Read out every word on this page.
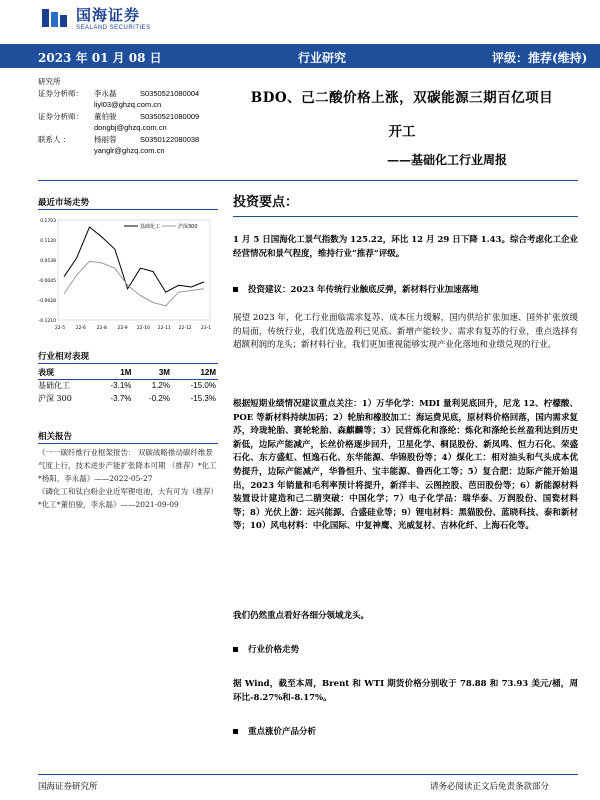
国海证券
SEALAND SECURITIES
2023 年 01 月 08 日	行业研究	评级：推荐(维持)
研究所
证券分析师： 李永磊	S0350521080004
liyl03@ghzq.com.cn
证券分析师： 董伯骏	S0350521080009
dongbj@ghzq.com.cn
联系人 ：	杨丽蓉	S0350122080038
yanglr@ghzq.com.cn
BDO、己二酸价格上涨，双碳能源三期百亿项目
开工
——基础化工行业周报
最近市场走势
0.1703
0.1120
0.0538
-0.0045
-0.0628
-0.1210
22-5 22-6 22-8 22-9 22-10 22-11 22-12 23-1
基础化工	沪深300
行业相对表现
表现	1M	3M	12M
基础化工	-3.1%	1.2%	-15.0%
沪深 300	-3.7%	-0.2%	-15.3%
相关报告

《一一碳纤维行业框架报告： 双碳战略推动碳纤维景气度上行，技术进步产能扩张降本可期 （推荐）*化工*杨阳，李永磊》——2022-05-27

《磷化工和钛白粉企业近军锂电池，大有可为（推荐）*化工*董伯骏，李永磊》——2021-09-09

投资要点：

1 月 5 日国海化工景气指数为 125.22，环比 12 月 29 日下降 1.43。综合考虑化工企业经营情况和景气程度，维持行业“推荐”评级。

投资建议：2023 年传统行业触底反弹，新材料行业加速落地

展望 2023 年，化工行业面临需求复苏、成本压力缓解，国内供给扩张加速、国外扩张放缓的局面，传统行业，我们优选盈利已见底、新增产能较少、需求有复苏的行业，重点选择有超额利润的龙头；新材料行业，我们更加重视能够实现产业化落地和业绩兑现的行业。

根据短期业绩情况建议重点关注：1）万华化学：MDI 量利见底回升，尼龙 12、柠檬酸、POE 等新材料持续加码；2）轮胎和橡胶加工：海运费见底，原材料价格回落，国内需求复苏，玲珑轮胎、赛轮轮胎、森麒麟等；3）民营炼化和涤纶：炼化和涤纶长丝盈利达到历史新低，边际产能减产，长丝价格逐步回升，卫星化学、桐昆股份、新凤鸣、恒力石化、荣盛石化、东方盛虹、恒逸石化、东华能源、华锦股份等；4）煤化工：相对油头和气头成本优势提升，边际产能减产，华鲁恒升、宝丰能源、鲁西化工等；5）复合肥：边际产能开始退出，2023 年销量和毛利率预计将提升，新洋丰、云图控股、芭田股份等；6）新能源材料装置设计建造和己二腈突破：中国化学；7）电子化学品：瑞华泰、万润股份、国瓷材料等；8）光伏上游：远兴能源、合盛硅业等；9）锂电材料：黑猫股份、蓝晓科技、泰和新材等；10）风电材料：中化国际、中复神鹰、光威复材、吉林化纤、上海石化等。

我们仍然重点看好各细分领域龙头。

行业价格走势

据 Wind，截至本周，Brent 和 WTI 期货价格分别收于 78.88 和 73.93 美元/桶，周环比-8.27%和-8.17%。

重点涨价产品分析
国海证券研究所	请务必阅读正文后免责条款部分
